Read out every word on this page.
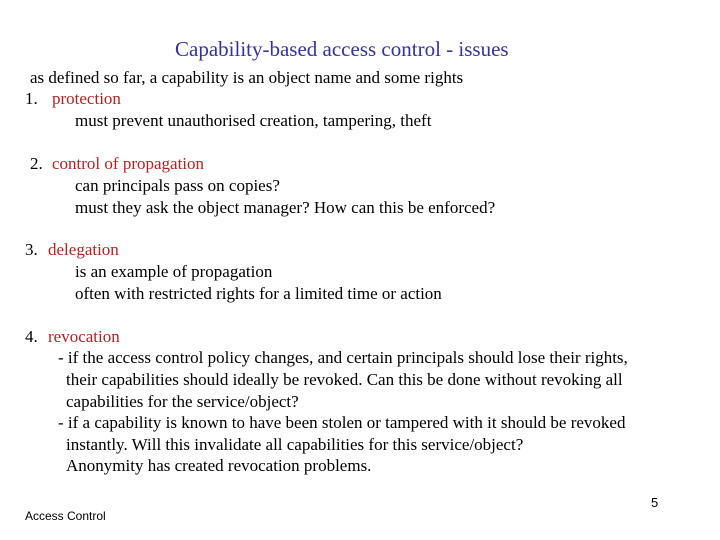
Capability-based access control - issues
as defined so far, a capability is an object name and some rights
1. protection
must prevent unauthorised creation, tampering, theft
2. control of propagation
can principals pass on copies?
must they ask the object manager? How can this be enforced?
3. delegation
is an example of propagation
often with restricted rights for a limited time or action
4. revocation
- if the access control policy changes, and certain principals should lose their rights,
their capabilities should ideally be revoked. Can this be done without revoking all
capabilities for the service/object?
- if a capability is known to have been stolen or tampered with it should be revoked
instantly. Will this invalidate all capabilities for this service/object?
Anonymity has created revocation problems.
Access Control
5
